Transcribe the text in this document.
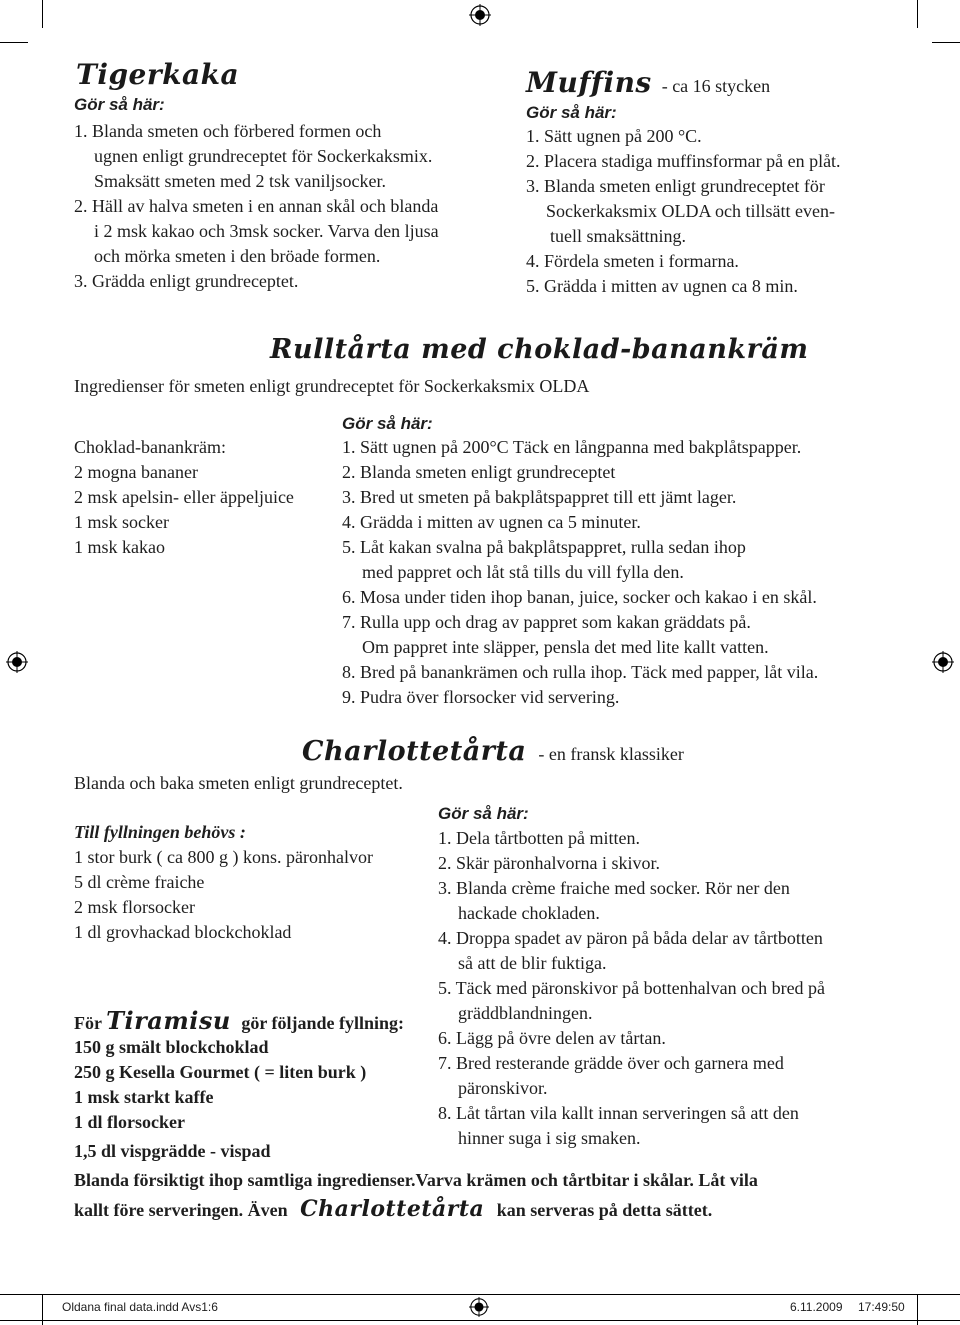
Tigerkaka
Gör så här:
1. Blanda smeten och förbered formen och
ugnen enligt grundreceptet för Sockerkaksmix.
Smaksätt smeten med 2 tsk vaniljsocker.
2. Häll av halva smeten i en annan skål och blanda
i 2 msk kakao och 3msk socker. Varva den ljusa
och mörka smeten i den bröade formen.
3. Grädda enligt grundreceptet.
Muffins - ca 16 stycken
Gör så här:
1. Sätt ugnen på 200 °C.
2. Placera stadiga muffinsformar på en plåt.
3. Blanda smeten enligt grundreceptet för
Sockerkaksmix OLDA och tillsätt even-
tuell smaksättning.
4. Fördela smeten i formarna.
5. Grädda i mitten av ugnen ca 8 min.
Rulltårta med choklad-banankräm
Ingredienser för smeten enligt grundreceptet för Sockerkaksmix OLDA
Gör så här:
Choklad-banankräm:
2 mogna bananer
2 msk apelsin- eller äppeljuice
1 msk socker
1 msk kakao
1. Sätt ugnen på 200°C Täck en långpanna med bakplåtspapper.
2. Blanda smeten enligt grundreceptet
3. Bred ut smeten på bakplåtspappret till ett jämt lager.
4. Grädda i mitten av ugnen ca 5 minuter.
5. Låt kakan svalna på bakplåtspappret, rulla sedan ihop
med pappret och låt stå tills du vill fylla den.
6. Mosa under tiden ihop banan, juice, socker och kakao i en skål.
7. Rulla upp och drag av pappret som kakan gräddats på.
Om pappret inte släpper, pensla det med lite kallt vatten.
8. Bred på banankrämen och rulla ihop. Täck med papper, låt vila.
9. Pudra över florsocker vid servering.
Charlottetårta - en fransk klassiker
Blanda och baka smeten enligt grundreceptet.
Gör så här:
Till fyllningen behövs :
1 stor burk ( ca 800 g ) kons. päronhalvor
5 dl crème fraiche
2 msk florsocker
1 dl grovhackad blockchoklad
1. Dela tårtbotten på mitten.
2. Skär päronhalvorna i skivor.
3. Blanda crème fraiche med socker. Rör ner den
hackade chokladen.
4. Droppa spadet av päron på båda delar av tårtbotten
så att de blir fuktiga.
5. Täck med päronskivor på bottenhalvan och bred på
gräddblandningen.
6. Lägg på övre delen av tårtan.
7. Bred resterande grädde över och garnera med
päronskivor.
8. Låt tårtan vila kallt innan serveringen så att den
hinner suga i sig smaken.
För Tiramisu gör följande fyllning:
150 g smält blockchoklad
250 g Kesella Gourmet ( = liten burk )
1 msk starkt kaffe
1 dl florsocker
1,5 dl vispgrädde - vispad
Blanda försiktigt ihop samtliga ingredienser.Varva krämen och tårtbitar i skålar. Låt vila
kallt före serveringen. Även Charlottetårta kan serveras på detta sättet.
Oldana final data.indd Avs1:6	6.11.2009 17:49:50
